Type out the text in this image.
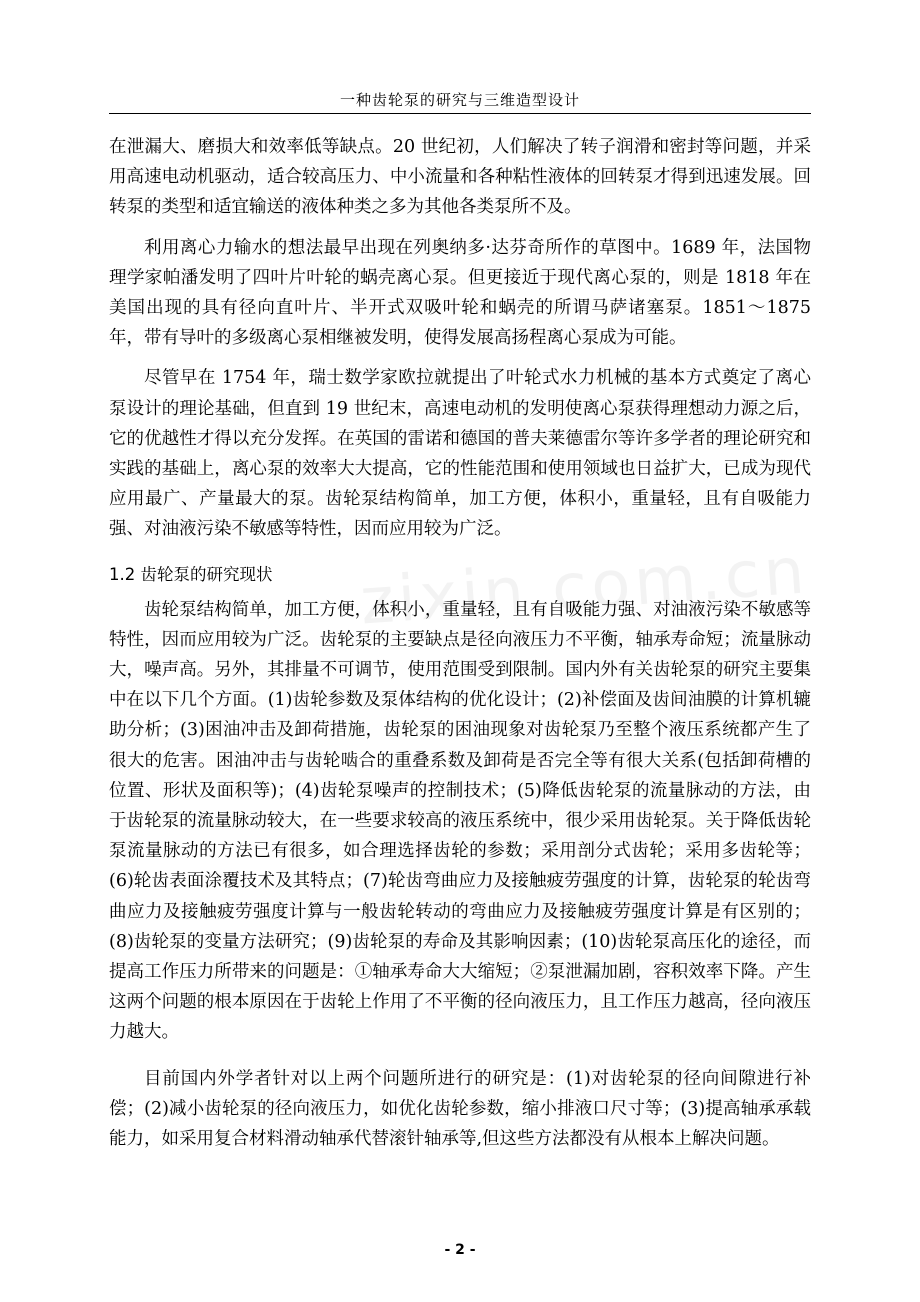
一种齿轮泵的研究与三维造型设计

在泄漏大、磨损大和效率低等缺点。20 世纪初，人们解决了转子润滑和密封等问题，并采用高速电动机驱动，适合较高压力、中小流量和各种粘性液体的回转泵才得到迅速发展。回转泵的类型和适宜输送的液体种类之多为其他各类泵所不及。

利用离心力输水的想法最早出现在列奥纳多·达芬奇所作的草图中。1689 年，法国物理学家帕潘发明了四叶片叶轮的蜗壳离心泵。但更接近于现代离心泵的，则是 1818 年在美国出现的具有径向直叶片、半开式双吸叶轮和蜗壳的所谓马萨诸塞泵。1851～1875 年，带有导叶的多级离心泵相继被发明，使得发展高扬程离心泵成为可能。

尽管早在 1754 年，瑞士数学家欧拉就提出了叶轮式水力机械的基本方式奠定了离心泵设计的理论基础，但直到 19 世纪末，高速电动机的发明使离心泵获得理想动力源之后，它的优越性才得以充分发挥。在英国的雷诺和德国的普夫莱德雷尔等许多学者的理论研究和实践的基础上，离心泵的效率大大提高，它的性能范围和使用领域也日益扩大，已成为现代应用最广、产量最大的泵。齿轮泵结构简单，加工方便，体积小，重量轻，且有自吸能力强、对油液污染不敏感等特性，因而应用较为广泛。

1.2 齿轮泵的研究现状

齿轮泵结构简单，加工方便，体积小，重量轻，且有自吸能力强、对油液污染不敏感等特性，因而应用较为广泛。齿轮泵的主要缺点是径向液压力不平衡，轴承寿命短；流量脉动大，噪声高。另外，其排量不可调节，使用范围受到限制。国内外有关齿轮泵的研究主要集中在以下几个方面。(1)齿轮参数及泵体结构的优化设计；(2)补偿面及齿间油膜的计算机辘助分析；(3)困油冲击及卸荷措施，齿轮泵的困油现象对齿轮泵乃至整个液压系统都产生了很大的危害。困油冲击与齿轮啮合的重叠系数及卸荷是否完全等有很大关系(包括卸荷槽的位置、形状及面积等)；(4)齿轮泵噪声的控制技术；(5)降低齿轮泵的流量脉动的方法，由于齿轮泵的流量脉动较大，在一些要求较高的液压系统中，很少采用齿轮泵。关于降低齿轮泵流量脉动的方法已有很多，如合理选择齿轮的参数；采用剖分式齿轮；采用多齿轮等；(6)轮齿表面涂覆技术及其特点；(7)轮齿弯曲应力及接触疲劳强度的计算，齿轮泵的轮齿弯曲应力及接触疲劳强度计算与一般齿轮转动的弯曲应力及接触疲劳强度计算是有区别的；(8)齿轮泵的变量方法研究；(9)齿轮泵的寿命及其影响因素；(10)齿轮泵高压化的途径，而提高工作压力所带来的问题是：①轴承寿命大大缩短；②泵泄漏加剧，容积效率下降。产生这两个问题的根本原因在于齿轮上作用了不平衡的径向液压力，且工作压力越高，径向液压力越大。

目前国内外学者针对以上两个问题所进行的研究是：(1)对齿轮泵的径向间隙进行补偿；(2)减小齿轮泵的径向液压力，如优化齿轮参数，缩小排液口尺寸等；(3)提高轴承承载能力，如采用复合材料滑动轴承代替滚针轴承等,但这些方法都没有从根本上解决问题。

- 2 -
